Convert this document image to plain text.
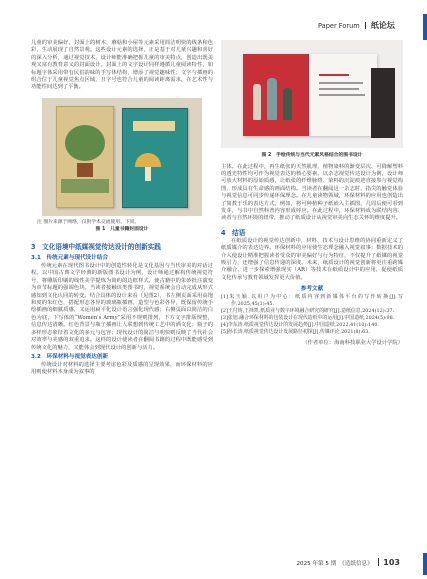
Paper Forum 纸论坛

儿童的审美偏好。封面上的树木、蘑菇和小屋等元素采用简洁明快的线条和色彩，生动展现了自然景观。这些设计元素的选择，正是基于对儿童兴趣和喜好的深入分析，通过视觉技术，设计师能准确把握儿童的审美特点，创造出既美观又富有教育意义的封面设计。封面上的文字设计同样遵循儿童阅读特性，如标题字体采用带有民俗韵味的手写体结构，增添了视觉趣味性；文字与插画的组合位于儿童视觉焦点区域，且字号也符合儿童的阅读距离需求，在艺术性与功能性间达到了平衡。

注 图片来源于网络，仅供学术交流使用。下同。
图 1　儿童书籍封面设计
3　文化语境中纸媒视觉传达设计的创新实践
3.1　传统元素与现代设计结合

传统元素在现代图书设计中的创造性转化是文化基因与当代审美的对话过程。以中国古典文学经典的新版图书设计为例，设计师通过解构传统视觉符号，将雕版印刷的线性美学提炼为简约的边框样式，使古籍中的朱砂批注演变为章节标题的强调色块。当读者接触该类图书时，视觉系统会自动完成从形式感知到文化认同的转变。结合具体的设计来看（见图2），书左侧页面采用高饱和度的朱红色，搭配形态各异的玻璃瓶插画，造型与色彩各异，既保留传统手绘插画的细腻质感，又运用扁平化设计语言强化现代感；右侧页面以简洁的白色为底，下写体的“Women's Army”采用不规则排列，下方文字排版规整，信息传达清晰。红色背景与瓶子插画让人联想到传统工艺中的酒文化；瓶子的多样形态象征着文化的多元与包容；现代设计的简洁与明快则反映了当代社会对效率与美感的双重追求。这样的设计使读者在翻阅书籍的过程中既能感受到传统文化的魅力，又能体会到现代设计的创新与活力。

3.2　环保材料与视觉表达创新

传统设计对材料的选择主要考虑色彩及质感的呈现效果，而环保材料的应用则使材料本身成为叙事的

图 2　手绘传统与当代元素风格结合的图书设计

主体。在此过程中，再生纸张的天然肌理、植物染料的渐变层次、可降解塑料的透光特性均可作为视觉表达的核心要素。以杂志视觉传达设计为例，设计师可放大材料的原始质感，让纸张的纤维脉络、染料的沉淀痕迹直接参与视觉构图，形成具有生命感的画面结构。当读者在翻阅这一杂志时，指尖的触觉体验与视觉信息可同步传递环保理念。在儿童读物领域，环保材料的应用也创造出了寓教于乐的表达方式。例如，将可种植种子纸嵌入主插图，几周后便可看到发芽，与书中自然科普内容形成呼应。在此过程中，环保材料成为联结内容、读者与自然环境的纽带，推动了纸质设计从视觉审美向生态关怀的维度提升。

4　结语

在纸质设计的视觉传达创新中，材料、技术与设计思维的协同重新定义了纸质媒介的表达边界。环保材料的应用使生态理念融入视觉叙事；数据技术的介入使设计精准把握读者受众的审美偏好与行为特征，不仅提升了纸媒的视觉吸引力，还增强了信息传递的深度。未来，纸质设计的视觉创新将更注重跨媒介融合，进一步探索增强现实（AR）等技术在纸质设计中的应用，促使纸质文化传承与教育领域发挥更大价值。

参考文献

[1]朱玉颖.以用户为中心：纸质内容到新媒体平台的写作转换[J].写作,2025,45(1):45.

[2]王付铸,王择凯.纸质业与数字环境融合研究的研究[J].造纸信息,2024(12):37.

[3]张旭.融合环保材料的包装设计在现代造纸中的运用[J].中国造纸,2024(5):98.

[4]李东涛.纸质视觉传达设计的发展趋势[J].中国造纸,2022,41(10):140.

[5]孙长涛.纸质视觉传达设计发展路径初探[J].传媒评论,2021(8):63.

（作者单位：海南科技职业大学设计学院）

2025 年第 5 期　《造纸信息》 103
